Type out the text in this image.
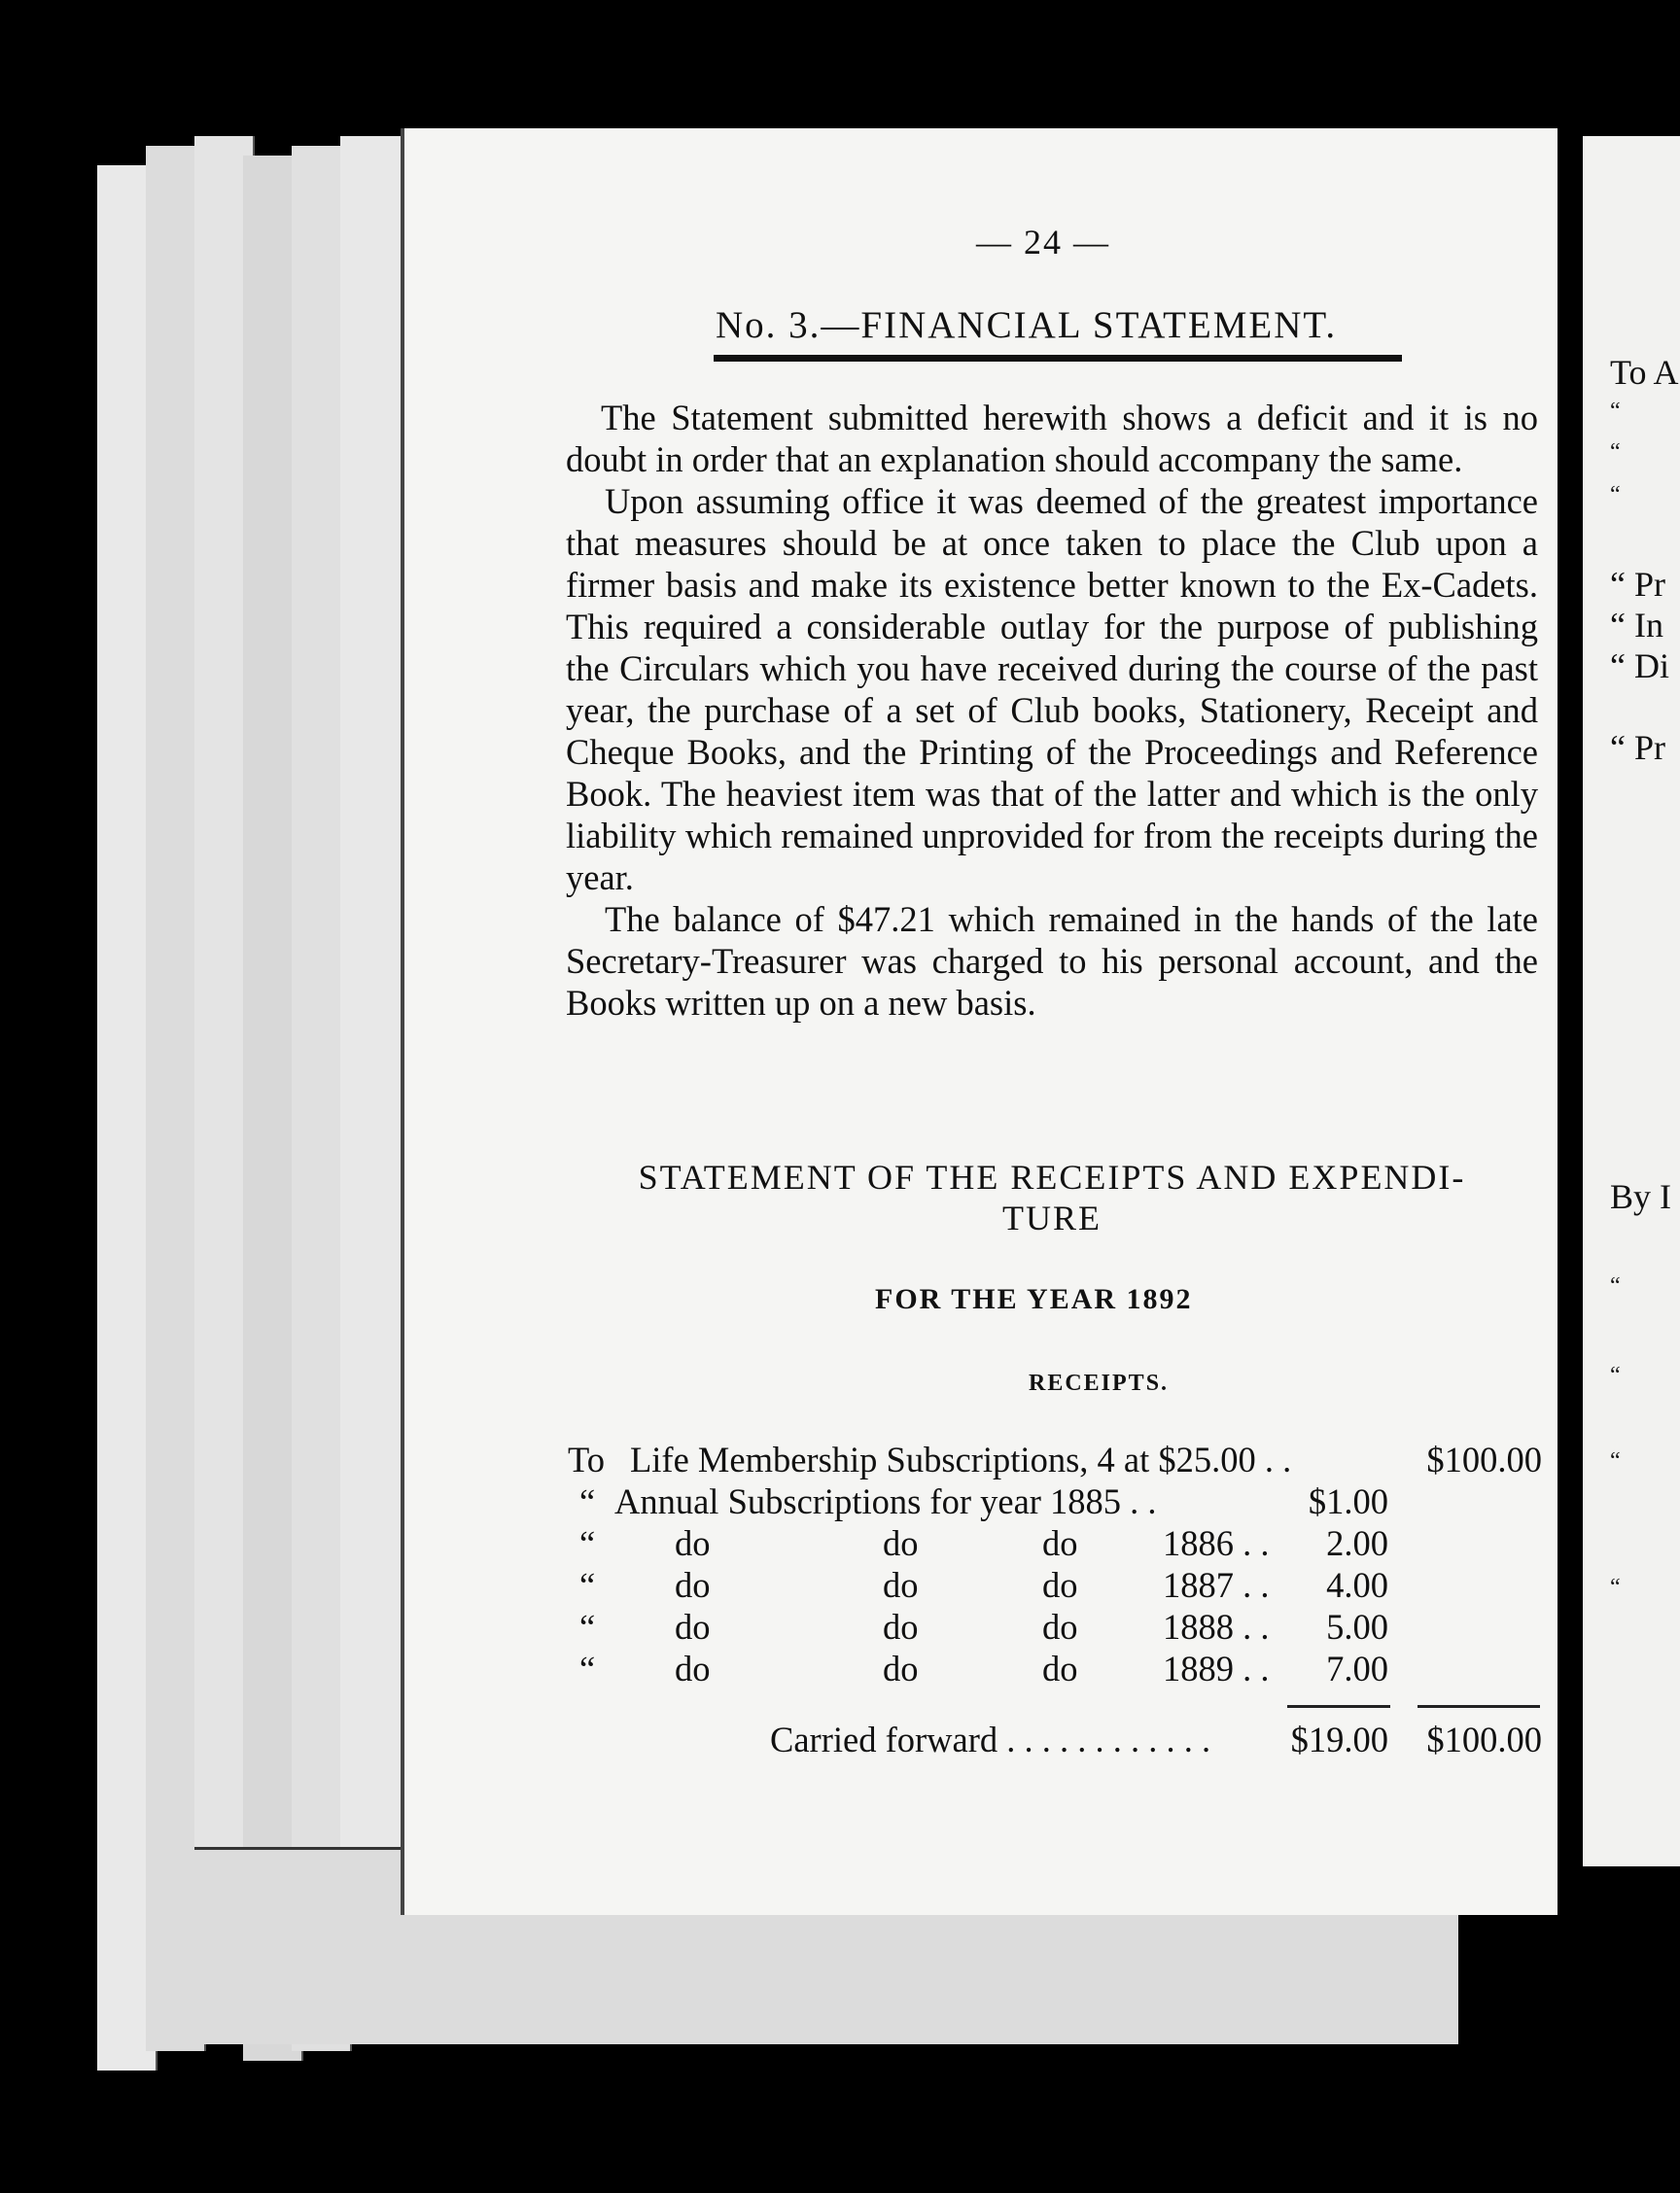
To A
“
“
“
“ Pr
“ In
“ Di
“ Pr
By I
“
“
“
“
— 24 —
No. 3.—FINANCIAL STATEMENT.

The Statement submitted herewith shows a deficit and it is no doubt in order that an explanation should accompany the same.

Upon assuming office it was deemed of the greatest importance that measures should be at once taken to place the Club upon a firmer basis and make its existence better known to the Ex-Cadets. This required a considerable outlay for the purpose of publishing the Circulars which you have received during the course of the past year, the purchase of a set of Club books, Stationery, Receipt and Cheque Books, and the Printing of the Proceedings and Reference Book. The heaviest item was that of the latter and which is the only liability which remained unprovided for from the receipts during the year.

The balance of $47.21 which remained in the hands of the late Secretary-Treasurer was charged to his personal account, and the Books written up on a new basis.

STATEMENT OF THE RECEIPTS AND EXPENDI-
TURE
FOR THE YEAR 1892
RECEIPTS.
To Life Membership Subscriptions, 4 at $25.00 . .	$100.00
“ Annual Subscriptions for year 1885 . .	$1.00
“ do	do	do 1886 . .	2.00
“ do	do	do 1887 . .	4.00
“ do	do	do 1888 . .	5.00
“ do	do	do 1889 . .	7.00
Carried forward . . . . . . . . . . . .	$19.00	$100.00
